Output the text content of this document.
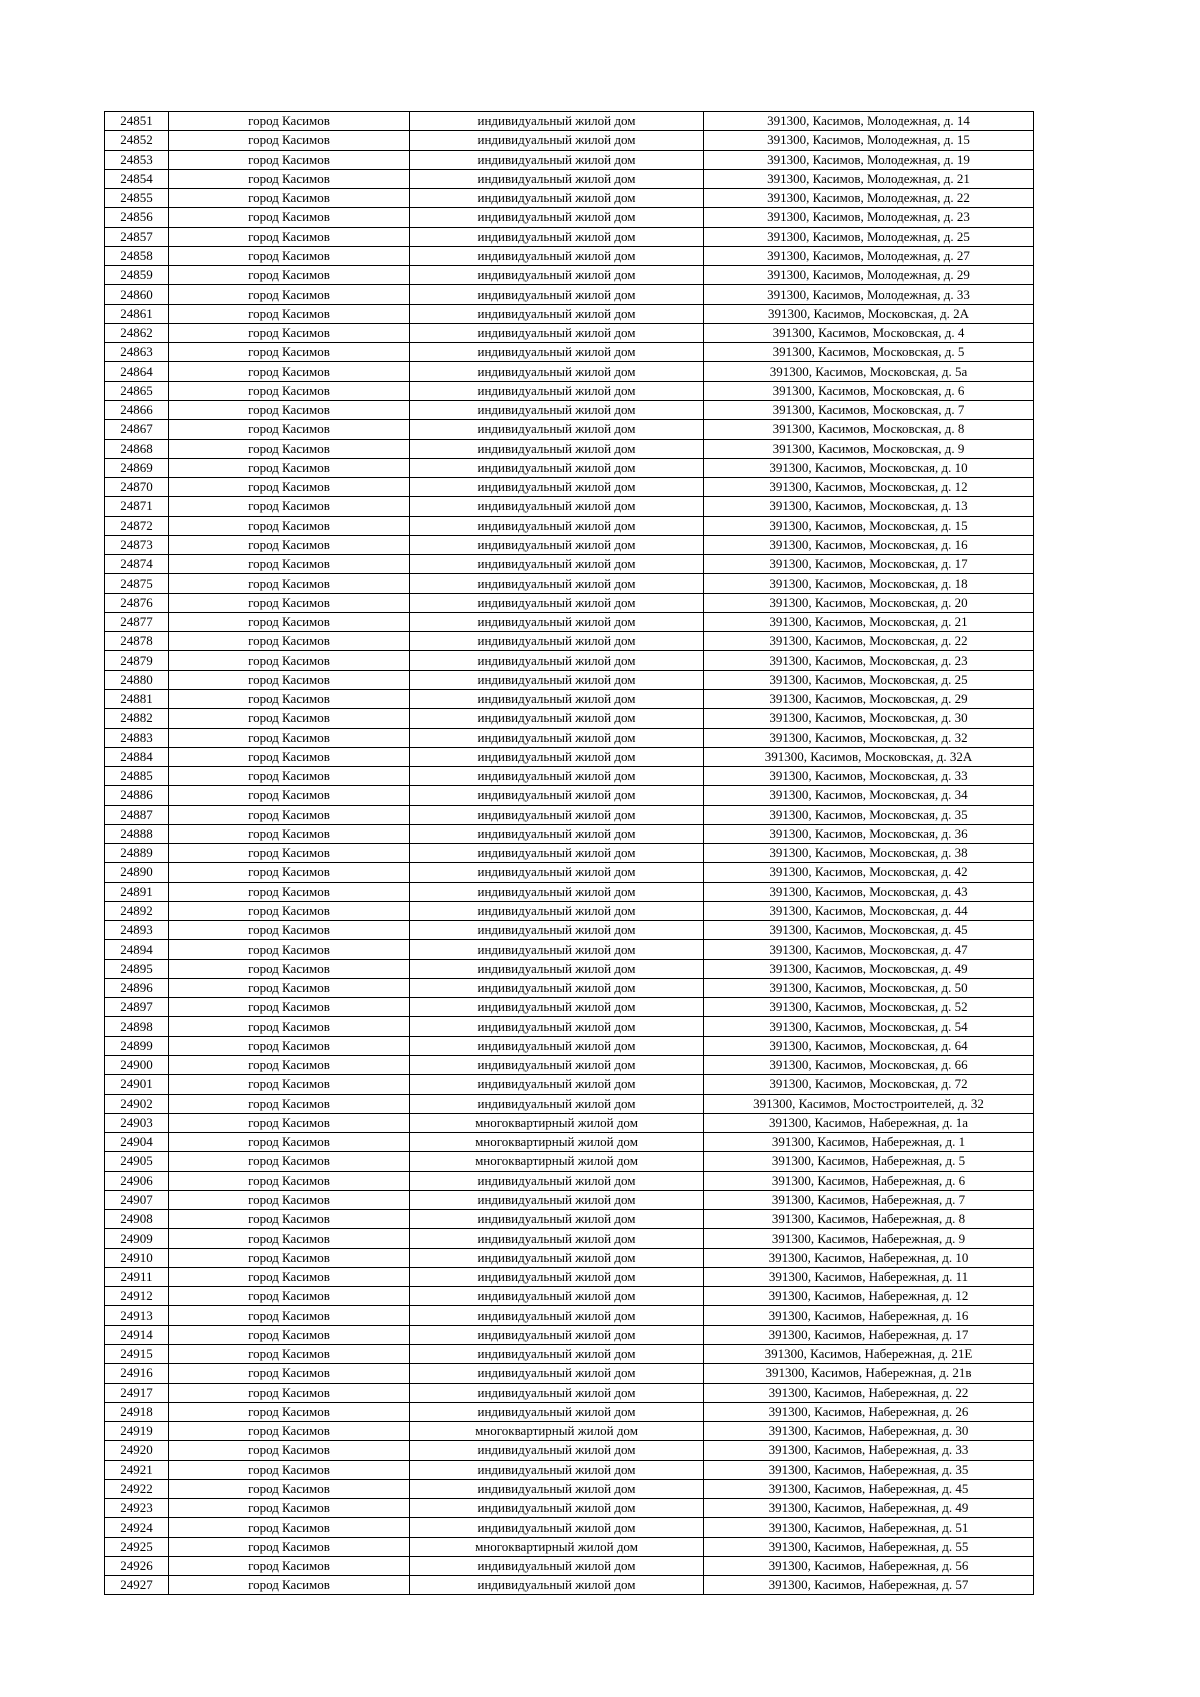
24851	город Касимов	индивидуальный жилой дом	391300, Касимов, Молодежная, д. 14
24852	город Касимов	индивидуальный жилой дом	391300, Касимов, Молодежная, д. 15
24853	город Касимов	индивидуальный жилой дом	391300, Касимов, Молодежная, д. 19
24854	город Касимов	индивидуальный жилой дом	391300, Касимов, Молодежная, д. 21
24855	город Касимов	индивидуальный жилой дом	391300, Касимов, Молодежная, д. 22
24856	город Касимов	индивидуальный жилой дом	391300, Касимов, Молодежная, д. 23
24857	город Касимов	индивидуальный жилой дом	391300, Касимов, Молодежная, д. 25
24858	город Касимов	индивидуальный жилой дом	391300, Касимов, Молодежная, д. 27
24859	город Касимов	индивидуальный жилой дом	391300, Касимов, Молодежная, д. 29
24860	город Касимов	индивидуальный жилой дом	391300, Касимов, Молодежная, д. 33
24861	город Касимов	индивидуальный жилой дом	391300, Касимов, Московская, д. 2А
24862	город Касимов	индивидуальный жилой дом	391300, Касимов, Московская, д. 4
24863	город Касимов	индивидуальный жилой дом	391300, Касимов, Московская, д. 5
24864	город Касимов	индивидуальный жилой дом	391300, Касимов, Московская, д. 5а
24865	город Касимов	индивидуальный жилой дом	391300, Касимов, Московская, д. 6
24866	город Касимов	индивидуальный жилой дом	391300, Касимов, Московская, д. 7
24867	город Касимов	индивидуальный жилой дом	391300, Касимов, Московская, д. 8
24868	город Касимов	индивидуальный жилой дом	391300, Касимов, Московская, д. 9
24869	город Касимов	индивидуальный жилой дом	391300, Касимов, Московская, д. 10
24870	город Касимов	индивидуальный жилой дом	391300, Касимов, Московская, д. 12
24871	город Касимов	индивидуальный жилой дом	391300, Касимов, Московская, д. 13
24872	город Касимов	индивидуальный жилой дом	391300, Касимов, Московская, д. 15
24873	город Касимов	индивидуальный жилой дом	391300, Касимов, Московская, д. 16
24874	город Касимов	индивидуальный жилой дом	391300, Касимов, Московская, д. 17
24875	город Касимов	индивидуальный жилой дом	391300, Касимов, Московская, д. 18
24876	город Касимов	индивидуальный жилой дом	391300, Касимов, Московская, д. 20
24877	город Касимов	индивидуальный жилой дом	391300, Касимов, Московская, д. 21
24878	город Касимов	индивидуальный жилой дом	391300, Касимов, Московская, д. 22
24879	город Касимов	индивидуальный жилой дом	391300, Касимов, Московская, д. 23
24880	город Касимов	индивидуальный жилой дом	391300, Касимов, Московская, д. 25
24881	город Касимов	индивидуальный жилой дом	391300, Касимов, Московская, д. 29
24882	город Касимов	индивидуальный жилой дом	391300, Касимов, Московская, д. 30
24883	город Касимов	индивидуальный жилой дом	391300, Касимов, Московская, д. 32
24884	город Касимов	индивидуальный жилой дом	391300, Касимов, Московская, д. 32А
24885	город Касимов	индивидуальный жилой дом	391300, Касимов, Московская, д. 33
24886	город Касимов	индивидуальный жилой дом	391300, Касимов, Московская, д. 34
24887	город Касимов	индивидуальный жилой дом	391300, Касимов, Московская, д. 35
24888	город Касимов	индивидуальный жилой дом	391300, Касимов, Московская, д. 36
24889	город Касимов	индивидуальный жилой дом	391300, Касимов, Московская, д. 38
24890	город Касимов	индивидуальный жилой дом	391300, Касимов, Московская, д. 42
24891	город Касимов	индивидуальный жилой дом	391300, Касимов, Московская, д. 43
24892	город Касимов	индивидуальный жилой дом	391300, Касимов, Московская, д. 44
24893	город Касимов	индивидуальный жилой дом	391300, Касимов, Московская, д. 45
24894	город Касимов	индивидуальный жилой дом	391300, Касимов, Московская, д. 47
24895	город Касимов	индивидуальный жилой дом	391300, Касимов, Московская, д. 49
24896	город Касимов	индивидуальный жилой дом	391300, Касимов, Московская, д. 50
24897	город Касимов	индивидуальный жилой дом	391300, Касимов, Московская, д. 52
24898	город Касимов	индивидуальный жилой дом	391300, Касимов, Московская, д. 54
24899	город Касимов	индивидуальный жилой дом	391300, Касимов, Московская, д. 64
24900	город Касимов	индивидуальный жилой дом	391300, Касимов, Московская, д. 66
24901	город Касимов	индивидуальный жилой дом	391300, Касимов, Московская, д. 72
24902	город Касимов	индивидуальный жилой дом	391300, Касимов, Мостостроителей, д. 32
24903	город Касимов	многоквартирный жилой дом	391300, Касимов, Набережная, д. 1а
24904	город Касимов	многоквартирный жилой дом	391300, Касимов, Набережная, д. 1
24905	город Касимов	многоквартирный жилой дом	391300, Касимов, Набережная, д. 5
24906	город Касимов	индивидуальный жилой дом	391300, Касимов, Набережная, д. 6
24907	город Касимов	индивидуальный жилой дом	391300, Касимов, Набережная, д. 7
24908	город Касимов	индивидуальный жилой дом	391300, Касимов, Набережная, д. 8
24909	город Касимов	индивидуальный жилой дом	391300, Касимов, Набережная, д. 9
24910	город Касимов	индивидуальный жилой дом	391300, Касимов, Набережная, д. 10
24911	город Касимов	индивидуальный жилой дом	391300, Касимов, Набережная, д. 11
24912	город Касимов	индивидуальный жилой дом	391300, Касимов, Набережная, д. 12
24913	город Касимов	индивидуальный жилой дом	391300, Касимов, Набережная, д. 16
24914	город Касимов	индивидуальный жилой дом	391300, Касимов, Набережная, д. 17
24915	город Касимов	индивидуальный жилой дом	391300, Касимов, Набережная, д. 21Е
24916	город Касимов	индивидуальный жилой дом	391300, Касимов, Набережная, д. 21в
24917	город Касимов	индивидуальный жилой дом	391300, Касимов, Набережная, д. 22
24918	город Касимов	индивидуальный жилой дом	391300, Касимов, Набережная, д. 26
24919	город Касимов	многоквартирный жилой дом	391300, Касимов, Набережная, д. 30
24920	город Касимов	индивидуальный жилой дом	391300, Касимов, Набережная, д. 33
24921	город Касимов	индивидуальный жилой дом	391300, Касимов, Набережная, д. 35
24922	город Касимов	индивидуальный жилой дом	391300, Касимов, Набережная, д. 45
24923	город Касимов	индивидуальный жилой дом	391300, Касимов, Набережная, д. 49
24924	город Касимов	индивидуальный жилой дом	391300, Касимов, Набережная, д. 51
24925	город Касимов	многоквартирный жилой дом	391300, Касимов, Набережная, д. 55
24926	город Касимов	индивидуальный жилой дом	391300, Касимов, Набережная, д. 56
24927	город Касимов	индивидуальный жилой дом	391300, Касимов, Набережная, д. 57
